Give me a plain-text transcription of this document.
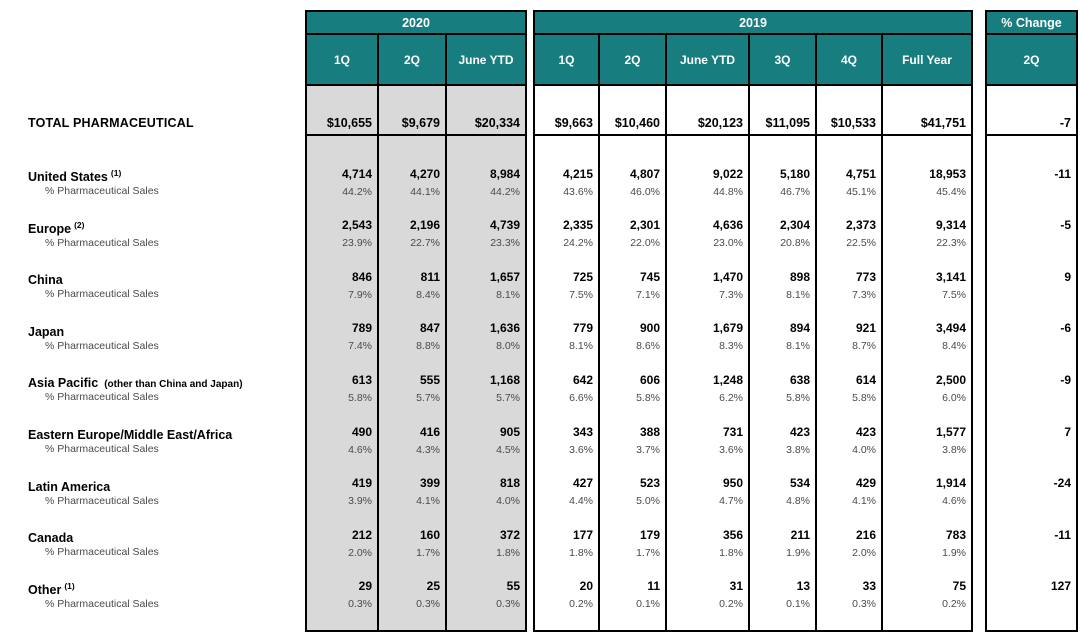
TOTAL PHARMACEUTICAL
United States $^{(1)}$
% Pharmaceutical Sales
Europe $^{(2)}$
% Pharmaceutical Sales
China
% Pharmaceutical Sales
Japan
% Pharmaceutical Sales
Asia Pacific (other than China and Japan)
% Pharmaceutical Sales
Eastern Europe/Middle East/Africa
% Pharmaceutical Sales
Latin America
% Pharmaceutical Sales
Canada
% Pharmaceutical Sales
Other $^{(1)}$
% Pharmaceutical Sales
2020
1Q
$10,655
4,714
44.2%
2,543
23.9%
846
7.9%
789
7.4%
613
5.8%
490
4.6%
419
3.9%
212
2.0%
29
0.3%
2Q
$9,679
4,270
44.1%
2,196
22.7%
811
8.4%
847
8.8%
555
5.7%
416
4.3%
399
4.1%
160
1.7%
25
0.3%
June YTD
$20,334
8,984
44.2%
4,739
23.3%
1,657
8.1%
1,636
8.0%
1,168
5.7%
905
4.5%
818
4.0%
372
1.8%
55
0.3%
2019
1Q
$9,663
4,215
43.6%
2,335
24.2%
725
7.5%
779
8.1%
642
6.6%
343
3.6%
427
4.4%
177
1.8%
20
0.2%
2Q
$10,460
4,807
46.0%
2,301
22.0%
745
7.1%
900
8.6%
606
5.8%
388
3.7%
523
5.0%
179
1.7%
11
0.1%
June YTD
$20,123
9,022
44.8%
4,636
23.0%
1,470
7.3%
1,679
8.3%
1,248
6.2%
731
3.6%
950
4.7%
356
1.8%
31
0.2%
3Q
$11,095
5,180
46.7%
2,304
20.8%
898
8.1%
894
8.1%
638
5.8%
423
3.8%
534
4.8%
211
1.9%
13
0.1%
4Q
$10,533
4,751
45.1%
2,373
22.5%
773
7.3%
921
8.7%
614
5.8%
423
4.0%
429
4.1%
216
2.0%
33
0.3%
Full Year
$41,751
18,953
45.4%
9,314
22.3%
3,141
7.5%
3,494
8.4%
2,500
6.0%
1,577
3.8%
1,914
4.6%
783
1.9%
75
0.2%
% Change
2Q
-7
-11
-5
9
-6
-9
7
-24
-11
127
